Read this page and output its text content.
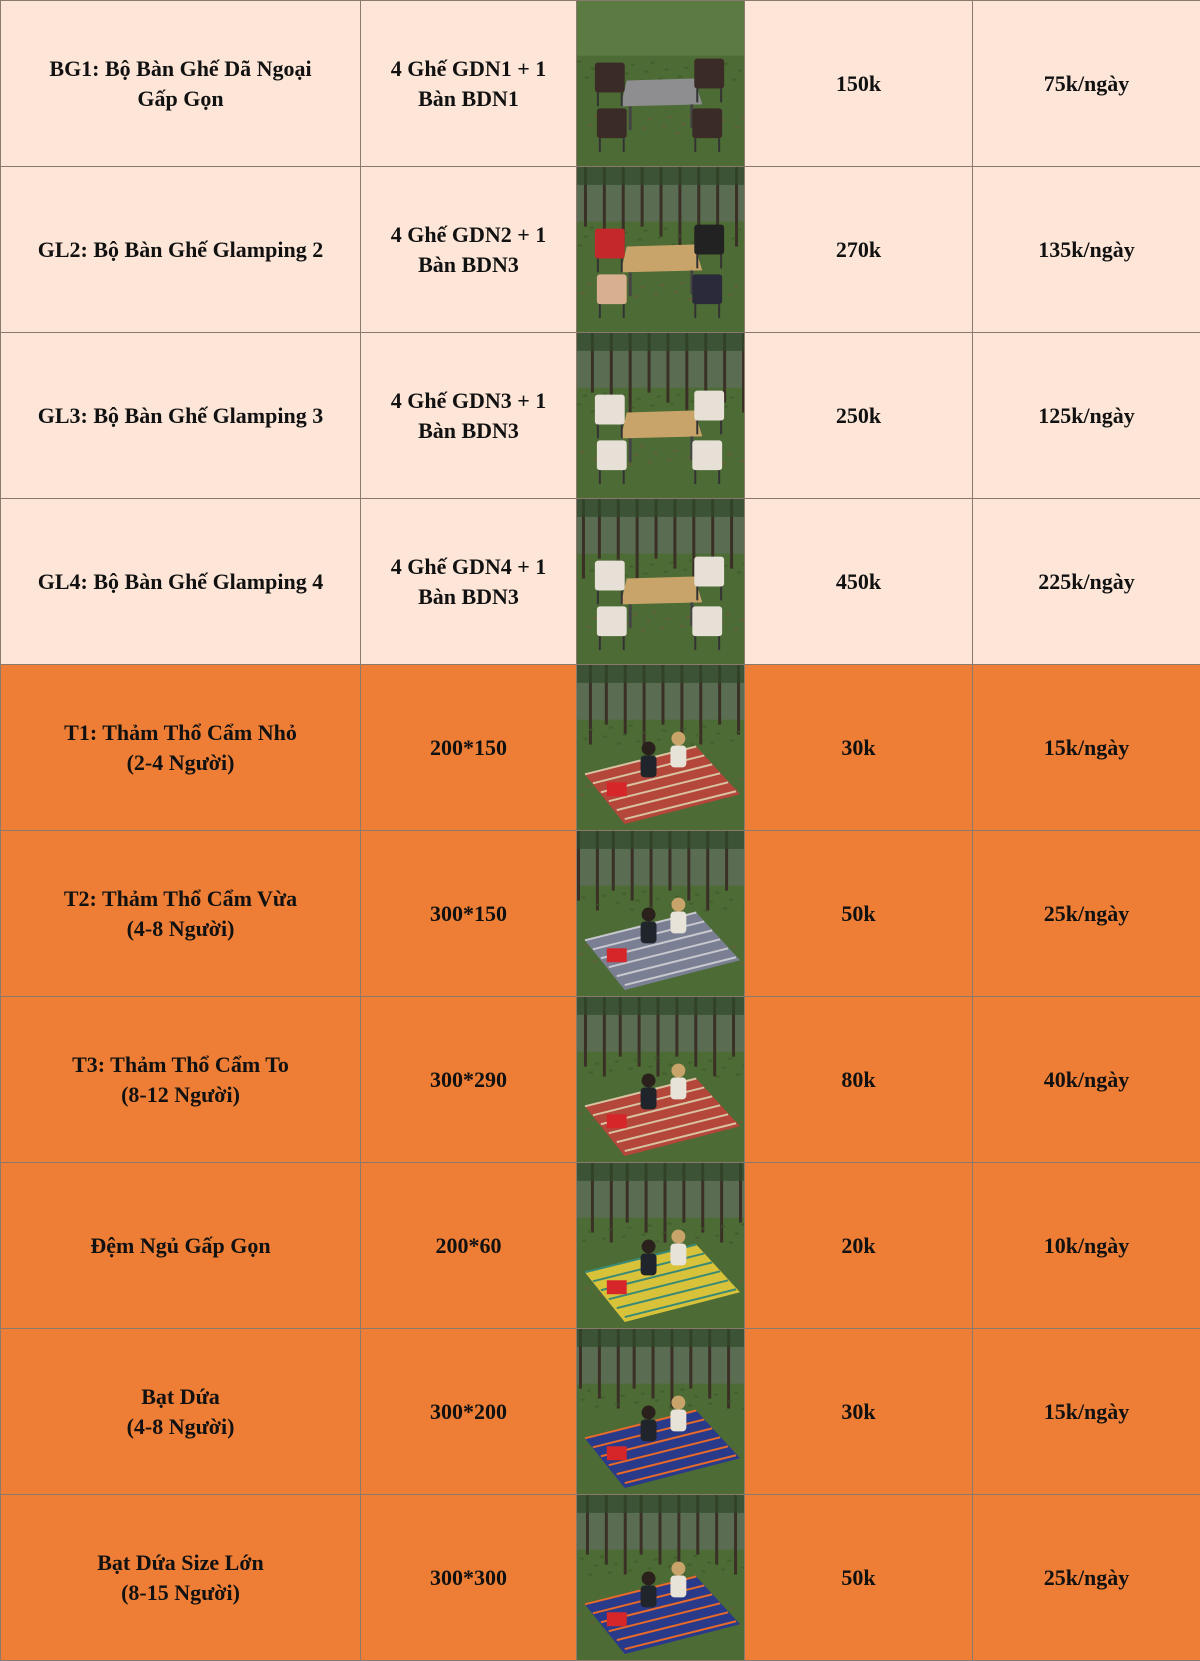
BG1: Bộ Bàn Ghế Dã Ngoại
Gấp Gọn	4 Ghế GDN1 + 1
Bàn BDN1		150k	75k/ngày

GL2: Bộ Bàn Ghế Glamping 2	4 Ghế GDN2 + 1
Bàn BDN3		270k	135k/ngày

GL3: Bộ Bàn Ghế Glamping 3	4 Ghế GDN3 + 1
Bàn BDN3		250k	125k/ngày

GL4: Bộ Bàn Ghế Glamping 4	4 Ghế GDN4 + 1
Bàn BDN3		450k	225k/ngày

T1: Thảm Thổ Cẩm Nhỏ
(2-4 Người)	200*150		30k	15k/ngày

T2: Thảm Thổ Cẩm Vừa
(4-8 Người)	300*150		50k	25k/ngày

T3: Thảm Thổ Cẩm To
(8-12 Người)	300*290		80k	40k/ngày

Đệm Ngủ Gấp Gọn	200*60		20k	10k/ngày

Bạt Dứa
(4-8 Người)	300*200		30k	15k/ngày

Bạt Dứa Size Lớn
(8-15 Người)	300*300		50k	25k/ngày
